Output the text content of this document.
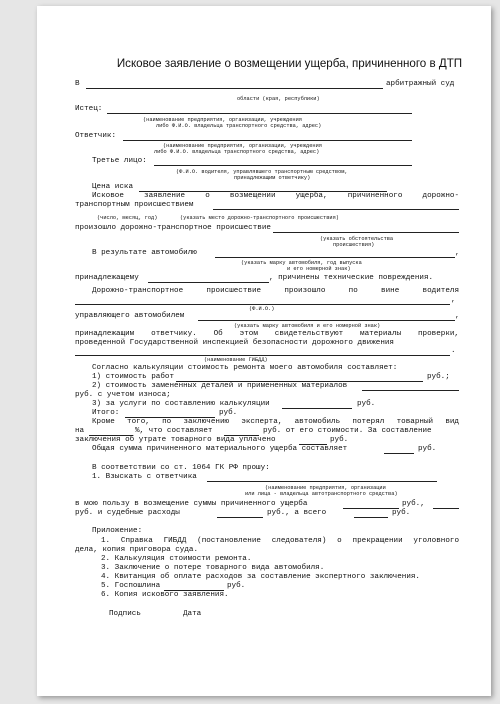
Исковое заявление о возмещении ущерба, причиненного в ДТП
В	арбитражный суд
области (края, республики)
Истец:
(наименование предприятия, организации, учреждения
либо Ф.И.О. владельца транспортного средства, адрес)
Ответчик:
(наименование предприятия, организации, учреждения
либо Ф.И.О. владельца транспортного средства, адрес)
Третье лицо:
(Ф.И.О. водителя, управлявшего транспортным средством,
принадлежащим ответчику)
Цена иска
Исковое заявление о возмещении ущерба, причиненного дорожно-
транспортным происшествием
(число, месяц, год)	(указать место дорожно-транспортного происшествия)
произошло дорожно-транспортное происшествие
(указать обстоятельства
происшествия)
В результате автомобилю	,
(указать марку автомобиля, год выпуска
и его номерной знак)
принадлежащему	, причинены технические повреждения.
Дорожно-транспортное происшествие произошло по вине водителя
,
(Ф.И.О.)
управляющего автомобилем	,
(указать марку автомобиля и его номерной знак)
принадлежащим ответчику. Об этом свидетельствуют материалы проверки,
проведенной Государственной инспекцией безопасности дорожного движения
.
(наименование ГИБДД)
Согласно калькуляции стоимость ремонта моего автомобиля составляет:
1) стоимость работ	руб.;
2) стоимость замененных деталей и примененных материалов
руб. с учетом износа;
3) за услуги по составлению калькуляции	руб.
Итого:	руб.
Кроме того, по заключению эксперта, автомобиль потерял товарный вид
на	%, что составляет	руб. от его стоимости. За составление
заключения об утрате товарного вида уплачено	руб.
Общая сумма причиненного материального ущерба составляет	руб.
В соответствии со ст. 1064 ГК РФ прошу:
1. Взыскать с ответчика
(наименование предприятия, организации
или лица - владельца автотранспортного средства)
в мою пользу в возмещение суммы причиненного ущерба	руб.,
руб. и судебные расходы	руб., а всего	руб.
Приложение:
1. Справка ГИБДД (постановление следователя) о прекращении уголовного
дела, копия приговора суда.
2. Калькуляция стоимости ремонта.
3. Заключение о потере товарного вида автомобиля.
4. Квитанция об оплате расходов за составление экспертного заключения.
5. Госпошлина	руб.
6. Копия искового заявления.
Подпись	Дата
